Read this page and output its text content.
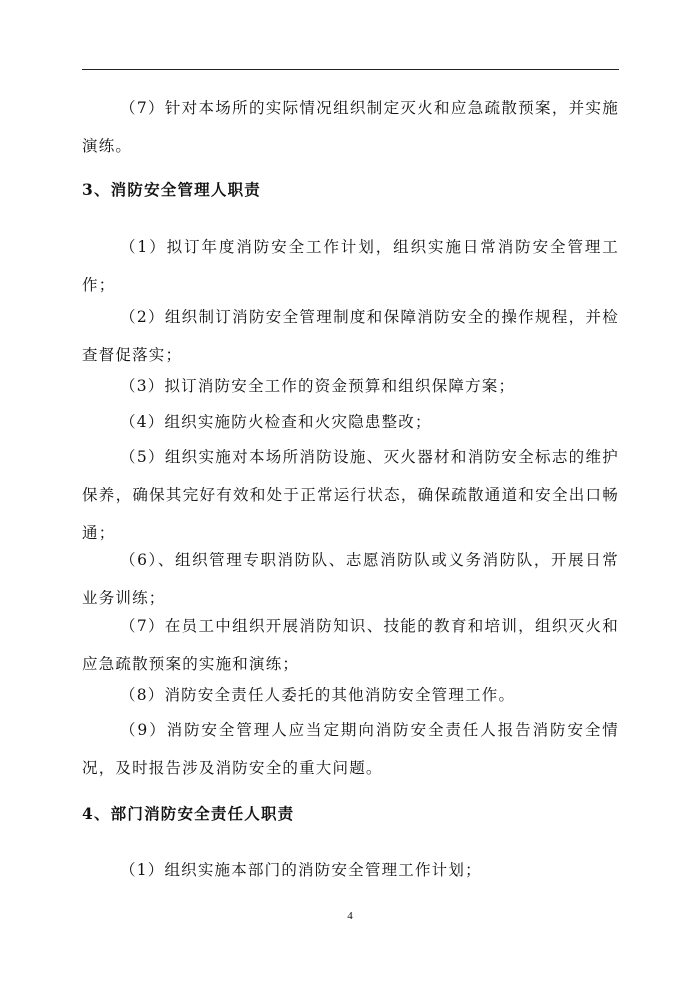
（7）针对本场所的实际情况组织制定灭火和应急疏散预案，并实施演练。

3、消防安全管理人职责

（1）拟订年度消防安全工作计划，组织实施日常消防安全管理工作；

（2）组织制订消防安全管理制度和保障消防安全的操作规程，并检查督促落实；

（3）拟订消防安全工作的资金预算和组织保障方案；

（4）组织实施防火检查和火灾隐患整改；

（5）组织实施对本场所消防设施、灭火器材和消防安全标志的维护保养，确保其完好有效和处于正常运行状态，确保疏散通道和安全出口畅通；

（6）、组织管理专职消防队、志愿消防队或义务消防队，开展日常业务训练；

（7）在员工中组织开展消防知识、技能的教育和培训，组织灭火和应急疏散预案的实施和演练；

（8）消防安全责任人委托的其他消防安全管理工作。

（9）消防安全管理人应当定期向消防安全责任人报告消防安全情况，及时报告涉及消防安全的重大问题。

4、部门消防安全责任人职责

（1）组织实施本部门的消防安全管理工作计划；

4
